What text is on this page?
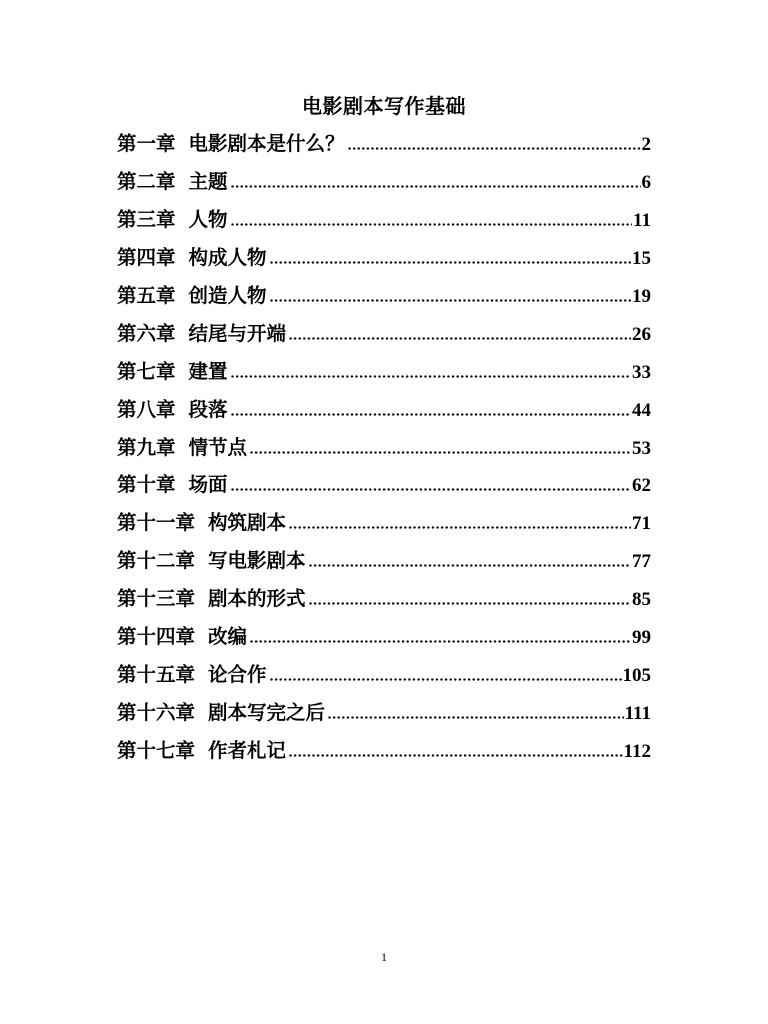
电影剧本写作基础
第一章 电影剧本是什么？	2
第二章 主题	6
第三章 人物	11
第四章 构成人物	15
第五章 创造人物	19
第六章 结尾与开端	26
第七章 建置	33
第八章 段落	44
第九章 情节点	53
第十章 场面	62
第十一章 构筑剧本	71
第十二章 写电影剧本	77
第十三章 剧本的形式	85
第十四章 改编	99
第十五章 论合作	105
第十六章 剧本写完之后	111
第十七章 作者札记	112
1
